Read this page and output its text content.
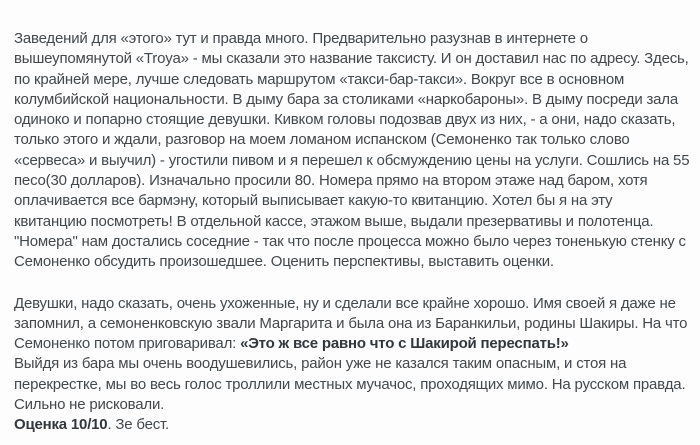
Заведений для «этого» тут и правда много. Предварительно разузнав в интернете о
вышеупомянутой «Troya» - мы сказали это название таксисту. И он доставил нас по адресу. Здесь,
по крайней мере, лучше следовать маршрутом «такси-бар-такси». Вокруг все в основном
колумбийской национальности. В дыму бара за столиками «наркобароны». В дыму посреди зала
одиноко и попарно стоящие девушки. Кивком головы подозвав двух из них, - а они, надо сказать,
только этого и ждали, разговор на моем ломаном испанском (Семоненко так только слово
«сервеса» и выучил) - угостили пивом и я перешел к обсмуждению цены на услуги. Сошлись на 55
песо(30 долларов). Изначально просили 80. Номера прямо на втором этаже над баром, хотя
оплачивается все бармэну, который выписывает какую-то квитанцию. Хотел бы я на эту
квитанцию посмотреть! В отдельной кассе, этажом выше, выдали презервативы и полотенца.
"Номера" нам достались соседние - так что после процесса можно было через тоненькую стенку с
Семоненко обсудить произошедшее. Оценить перспективы, выставить оценки.
Девушки, надо сказать, очень ухоженные, ну и сделали все крайне хорошо. Имя своей я даже не
запомнил, а семоненковскую звали Маргарита и была она из Баранкильи, родины Шакиры. На что
Семоненко потом приговаривал: «Это ж все равно что с Шакирой переспать!»
Выйдя из бара мы очень воодушевились, район уже не казался таким опасным, и стоя на
перекрестке, мы во весь голос троллили местных мучачос, проходящих мимо. На русском правда.
Сильно не рисковали.
Оценка 10/10. Зе бест.
